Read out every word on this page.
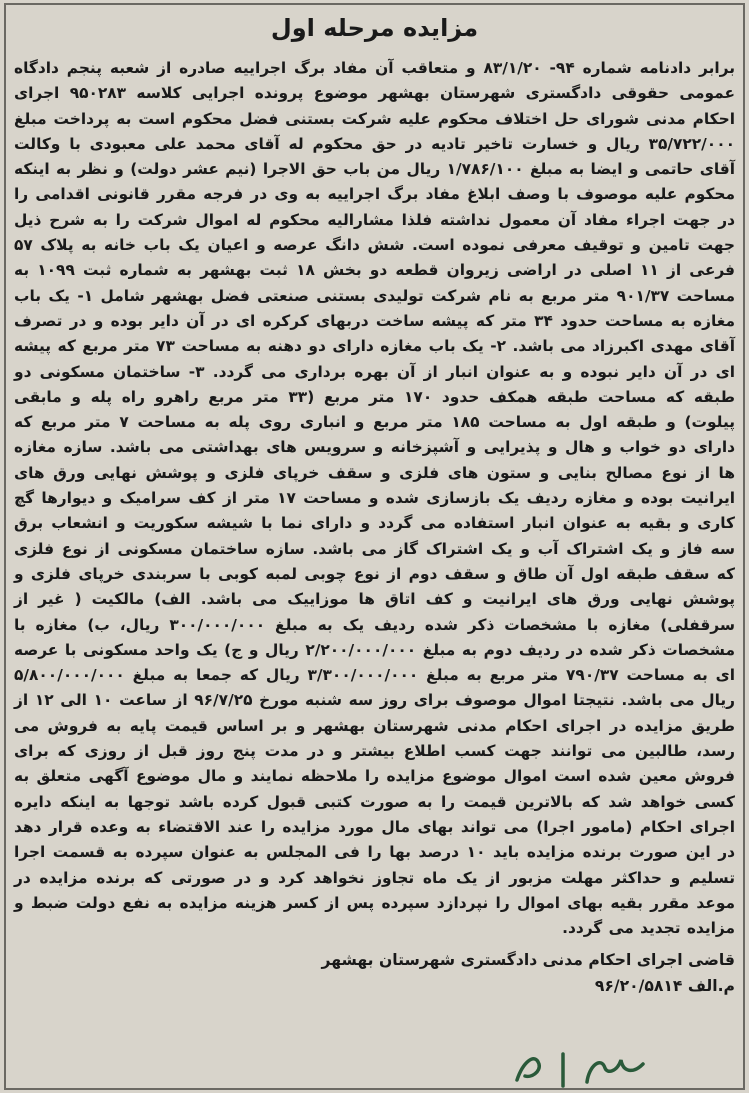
مزایده مرحله اول

برابر دادنامه شماره ۹۴- ۸۳/۱/۲۰ و متعاقب آن مفاد برگ اجراییه صادره از شعبه پنجم دادگاه عمومی حقوقی دادگستری شهرستان بهشهر موضوع پرونده اجرایی کلاسه ۹۵۰۲۸۳ اجرای احکام مدنی شورای حل اختلاف محکوم علیه شرکت بستنی فضل محکوم است به پرداخت مبلغ ۳۵/۷۲۲/۰۰۰ ریال و خسارت تاخیر تادیه در حق محکوم له آقای محمد علی معبودی با وکالت آقای حاتمی و ایضا به مبلغ ۱/۷۸۶/۱۰۰ ریال من باب حق الاجرا (نیم عشر دولت) و نظر به اینکه محکوم علیه موصوف با وصف ابلاغ مفاد برگ اجراییه به وی در فرجه مقرر قانونی اقدامی را در جهت اجراء مفاد آن معمول نداشته فلذا مشارالیه محکوم له اموال شرکت را به شرح ذیل جهت تامین و توقیف معرفی نموده است. شش دانگ عرصه و اعیان یک باب خانه به پلاک ۵۷ فرعی از ۱۱ اصلی در اراضی زیروان قطعه دو بخش ۱۸ ثبت بهشهر به شماره ثبت ۱۰۹۹ به مساحت ۹۰۱/۳۷ متر مربع به نام شرکت تولیدی بستنی صنعتی فضل بهشهر شامل ۱- یک باب مغازه به مساحت حدود ۳۴ متر که پیشه ساخت دربهای کرکره ای در آن دایر بوده و در تصرف آقای مهدی اکبرزاد می باشد. ۲- یک باب مغازه دارای دو دهنه به مساحت ۷۳ متر مربع که پیشه ای در آن دایر نبوده و به عنوان انبار از آن بهره برداری می گردد. ۳- ساختمان مسکونی دو طبقه که مساحت طبقه همکف حدود ۱۷۰ متر مربع (۳۳ متر مربع راهرو راه پله و مابقی پیلوت) و طبقه اول به مساحت ۱۸۵ متر مربع و انباری روی پله به مساحت ۷ متر مربع که دارای دو خواب و هال و پذیرایی و آشپزخانه و سرویس های بهداشتی می باشد. سازه مغازه ها از نوع مصالح بنایی و ستون های فلزی و سقف خرپای فلزی و پوشش نهایی ورق های ایرانیت بوده و مغازه ردیف یک بازسازی شده و مساحت ۱۷ متر از کف سرامیک و دیوارها گچ کاری و بقیه به عنوان انبار استفاده می گردد و دارای نما با شیشه سکوریت و انشعاب برق سه فاز و یک اشتراک آب و یک اشتراک گاز می باشد. سازه ساختمان مسکونی از نوع فلزی که سقف طبقه اول آن طاق و سقف دوم از نوع چوبی لمبه کوبی با سربندی خرپای فلزی و پوشش نهایی ورق های ایرانیت و کف اتاق ها موزاییک می باشد. الف) مالکیت ( غیر از سرقفلی) مغازه با مشخصات ذکر شده ردیف یک به مبلغ ۳۰۰/۰۰۰/۰۰۰ ریال، ب) مغازه با مشخصات ذکر شده در ردیف دوم به مبلغ ۲/۲۰۰/۰۰۰/۰۰۰ ریال و ج) یک واحد مسکونی با عرصه ای به مساحت ۷۹۰/۳۷ متر مربع به مبلغ ۳/۳۰۰/۰۰۰/۰۰۰ ریال که جمعا به مبلغ ۵/۸۰۰/۰۰۰/۰۰۰ ریال می باشد. نتیجتا اموال موصوف برای روز سه شنبه مورخ ۹۶/۷/۲۵ از ساعت ۱۰ الی ۱۲ از طریق مزایده در اجرای احکام مدنی شهرستان بهشهر و بر اساس قیمت پایه به فروش می رسد، طالبین می توانند جهت کسب اطلاع بیشتر و در مدت پنج روز قبل از روزی که برای فروش معین شده است اموال موضوع مزایده را ملاحظه نمایند و مال موضوع آگهی متعلق به کسی خواهد شد که بالاترین قیمت را به صورت کتبی قبول کرده باشد توجها به اینکه دایره اجرای احکام (مامور اجرا) می تواند بهای مال مورد مزایده را عند الاقتضاء به وعده قرار دهد در این صورت برنده مزایده باید ۱۰ درصد بها را فی المجلس به عنوان سپرده به قسمت اجرا تسلیم و حداکثر مهلت مزبور از یک ماه تجاوز نخواهد کرد و در صورتی که برنده مزایده در موعد مقرر بقیه بهای اموال را نپردازد سپرده پس از کسر هزینه مزایده به نفع دولت ضبط و مزایده تجدید می گردد.

قاضی اجرای احکام مدنی دادگستری شهرستان بهشهر
م.الف ۹۶/۲۰/۵۸۱۴
